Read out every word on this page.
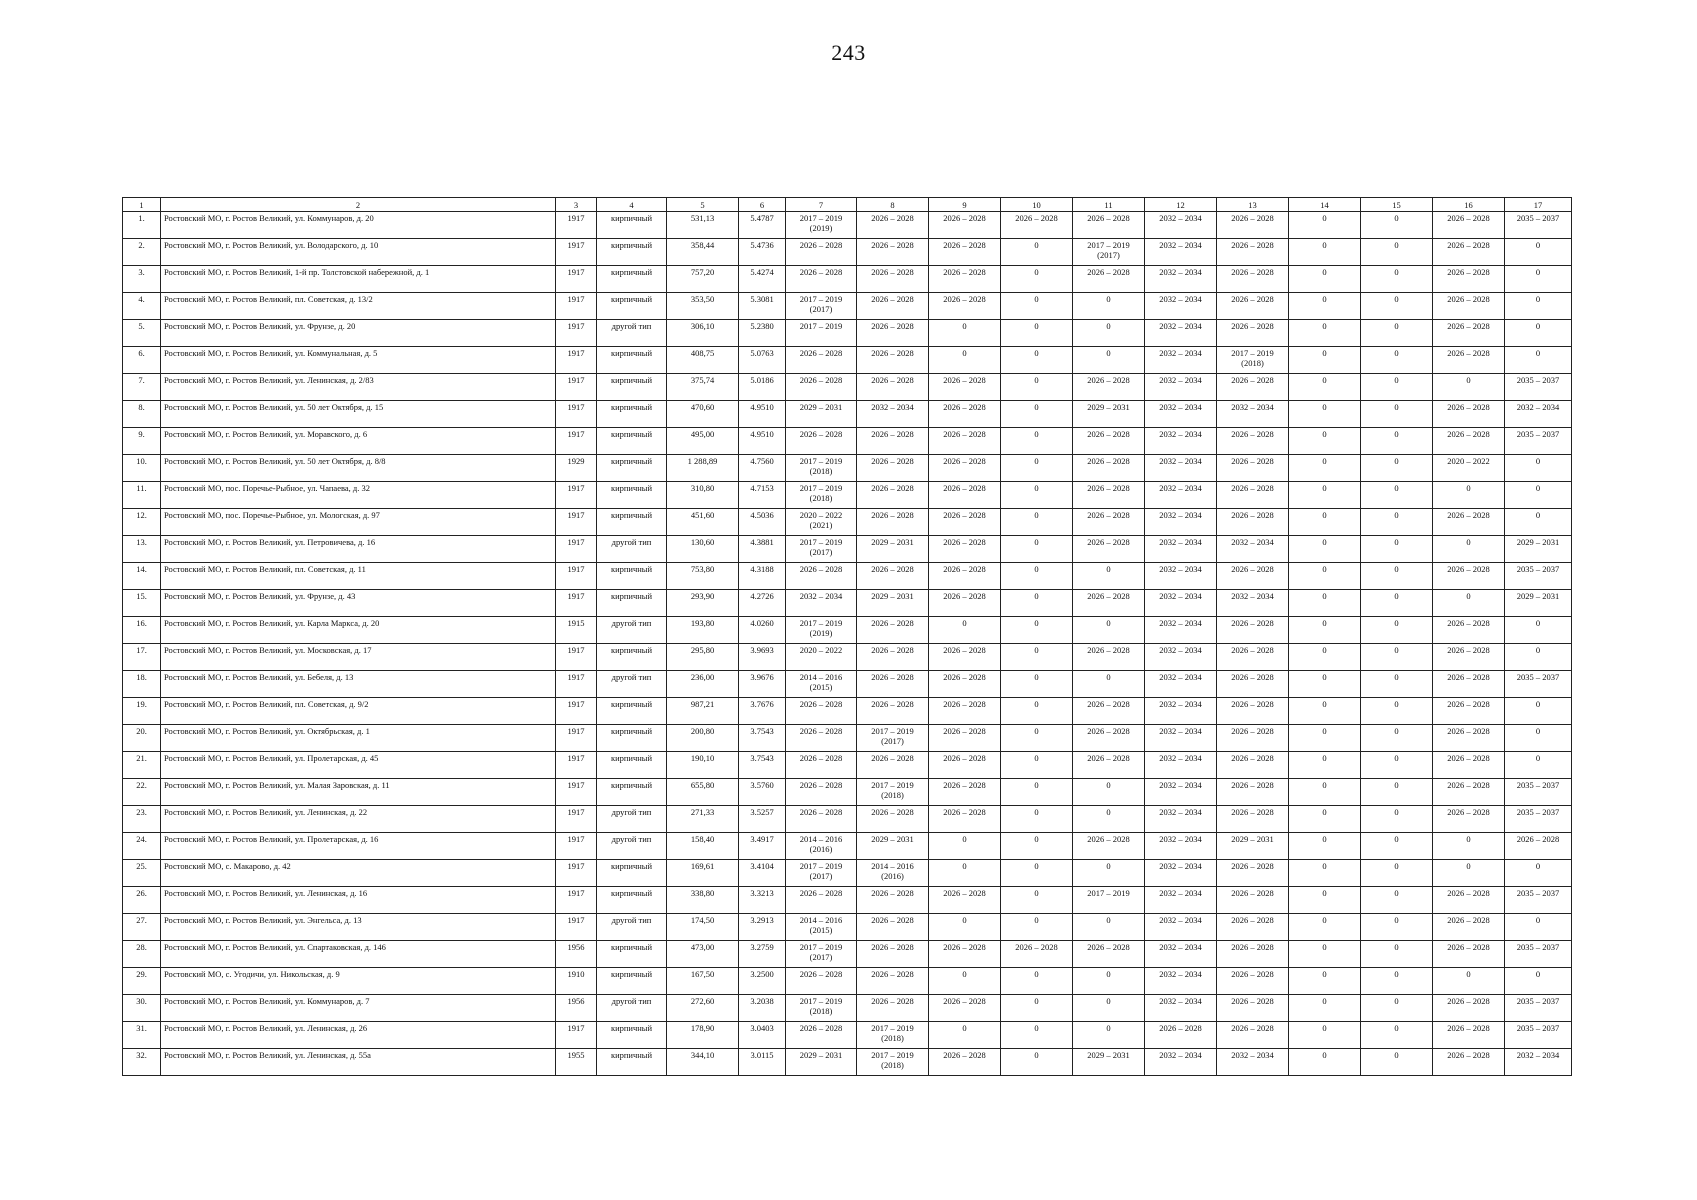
243
1	2	3	4	5	6	7	8	9	10	11	12	13	14	15	16	17
1.	Ростовский МО, г. Ростов Великий, ул. Коммунаров, д. 20	1917	кирпичный	531,13	5.4787	2017 – 2019 (2019)	2026 – 2028	2026 – 2028	2026 – 2028	2026 – 2028	2032 – 2034	2026 – 2028	0	0	2026 – 2028	2035 – 2037
2.	Ростовский МО, г. Ростов Великий, ул. Володарского, д. 10	1917	кирпичный	358,44	5.4736	2026 – 2028	2026 – 2028	2026 – 2028	0	2017 – 2019 (2017)	2032 – 2034	2026 – 2028	0	0	2026 – 2028	0
3.	Ростовский МО, г. Ростов Великий, 1-й пр. Толстовской набережной, д. 1	1917	кирпичный	757,20	5.4274	2026 – 2028	2026 – 2028	2026 – 2028	0	2026 – 2028	2032 – 2034	2026 – 2028	0	0	2026 – 2028	0
4.	Ростовский МО, г. Ростов Великий, пл. Советская, д. 13/2	1917	кирпичный	353,50	5.3081	2017 – 2019 (2017)	2026 – 2028	2026 – 2028	0	0	2032 – 2034	2026 – 2028	0	0	2026 – 2028	0
5.	Ростовский МО, г. Ростов Великий, ул. Фрунзе, д. 20	1917	другой тип	306,10	5.2380	2017 – 2019	2026 – 2028	0	0	0	2032 – 2034	2026 – 2028	0	0	2026 – 2028	0
6.	Ростовский МО, г. Ростов Великий, ул. Коммунальная, д. 5	1917	кирпичный	408,75	5.0763	2026 – 2028	2026 – 2028	0	0	0	2032 – 2034	2017 – 2019 (2018)	0	0	2026 – 2028	0
7.	Ростовский МО, г. Ростов Великий, ул. Ленинская, д. 2/83	1917	кирпичный	375,74	5.0186	2026 – 2028	2026 – 2028	2026 – 2028	0	2026 – 2028	2032 – 2034	2026 – 2028	0	0	0	2035 – 2037
8.	Ростовский МО, г. Ростов Великий, ул. 50 лет Октября, д. 15	1917	кирпичный	470,60	4.9510	2029 – 2031	2032 – 2034	2026 – 2028	0	2029 – 2031	2032 – 2034	2032 – 2034	0	0	2026 – 2028	2032 – 2034
9.	Ростовский МО, г. Ростов Великий, ул. Моравского, д. 6	1917	кирпичный	495,00	4.9510	2026 – 2028	2026 – 2028	2026 – 2028	0	2026 – 2028	2032 – 2034	2026 – 2028	0	0	2026 – 2028	2035 – 2037
10.	Ростовский МО, г. Ростов Великий, ул. 50 лет Октября, д. 8/8	1929	кирпичный	1 288,89	4.7560	2017 – 2019 (2018)	2026 – 2028	2026 – 2028	0	2026 – 2028	2032 – 2034	2026 – 2028	0	0	2020 – 2022	0
11.	Ростовский МО, пос. Поречье-Рыбное, ул. Чапаева, д. 32	1917	кирпичный	310,80	4.7153	2017 – 2019 (2018)	2026 – 2028	2026 – 2028	0	2026 – 2028	2032 – 2034	2026 – 2028	0	0	0	0
12.	Ростовский МО, пос. Поречье-Рыбное, ул. Мологская, д. 97	1917	кирпичный	451,60	4.5036	2020 – 2022 (2021)	2026 – 2028	2026 – 2028	0	2026 – 2028	2032 – 2034	2026 – 2028	0	0	2026 – 2028	0
13.	Ростовский МО, г. Ростов Великий, ул. Петровичева, д. 16	1917	другой тип	130,60	4.3881	2017 – 2019 (2017)	2029 – 2031	2026 – 2028	0	2026 – 2028	2032 – 2034	2032 – 2034	0	0	0	2029 – 2031
14.	Ростовский МО, г. Ростов Великий, пл. Советская, д. 11	1917	кирпичный	753,80	4.3188	2026 – 2028	2026 – 2028	2026 – 2028	0	0	2032 – 2034	2026 – 2028	0	0	2026 – 2028	2035 – 2037
15.	Ростовский МО, г. Ростов Великий, ул. Фрунзе, д. 43	1917	кирпичный	293,90	4.2726	2032 – 2034	2029 – 2031	2026 – 2028	0	2026 – 2028	2032 – 2034	2032 – 2034	0	0	0	2029 – 2031
16.	Ростовский МО, г. Ростов Великий, ул. Карла Маркса, д. 20	1915	другой тип	193,80	4.0260	2017 – 2019 (2019)	2026 – 2028	0	0	0	2032 – 2034	2026 – 2028	0	0	2026 – 2028	0
17.	Ростовский МО, г. Ростов Великий, ул. Московская, д. 17	1917	кирпичный	295,80	3.9693	2020 – 2022	2026 – 2028	2026 – 2028	0	2026 – 2028	2032 – 2034	2026 – 2028	0	0	2026 – 2028	0
18.	Ростовский МО, г. Ростов Великий, ул. Бебеля, д. 13	1917	другой тип	236,00	3.9676	2014 – 2016 (2015)	2026 – 2028	2026 – 2028	0	0	2032 – 2034	2026 – 2028	0	0	2026 – 2028	2035 – 2037
19.	Ростовский МО, г. Ростов Великий, пл. Советская, д. 9/2	1917	кирпичный	987,21	3.7676	2026 – 2028	2026 – 2028	2026 – 2028	0	2026 – 2028	2032 – 2034	2026 – 2028	0	0	2026 – 2028	0
20.	Ростовский МО, г. Ростов Великий, ул. Октябрьская, д. 1	1917	кирпичный	200,80	3.7543	2026 – 2028	2017 – 2019 (2017)	2026 – 2028	0	2026 – 2028	2032 – 2034	2026 – 2028	0	0	2026 – 2028	0
21.	Ростовский МО, г. Ростов Великий, ул. Пролетарская, д. 45	1917	кирпичный	190,10	3.7543	2026 – 2028	2026 – 2028	2026 – 2028	0	2026 – 2028	2032 – 2034	2026 – 2028	0	0	2026 – 2028	0
22.	Ростовский МО, г. Ростов Великий, ул. Малая Заровская, д. 11	1917	кирпичный	655,80	3.5760	2026 – 2028	2017 – 2019 (2018)	2026 – 2028	0	0	2032 – 2034	2026 – 2028	0	0	2026 – 2028	2035 – 2037
23.	Ростовский МО, г. Ростов Великий, ул. Ленинская, д. 22	1917	другой тип	271,33	3.5257	2026 – 2028	2026 – 2028	2026 – 2028	0	0	2032 – 2034	2026 – 2028	0	0	2026 – 2028	2035 – 2037
24.	Ростовский МО, г. Ростов Великий, ул. Пролетарская, д. 16	1917	другой тип	158,40	3.4917	2014 – 2016 (2016)	2029 – 2031	0	0	2026 – 2028	2032 – 2034	2029 – 2031	0	0	0	2026 – 2028
25.	Ростовский МО, с. Макарово, д. 42	1917	кирпичный	169,61	3.4104	2017 – 2019 (2017)	2014 – 2016 (2016)	0	0	0	2032 – 2034	2026 – 2028	0	0	0	0
26.	Ростовский МО, г. Ростов Великий, ул. Ленинская, д. 16	1917	кирпичный	338,80	3.3213	2026 – 2028	2026 – 2028	2026 – 2028	0	2017 – 2019	2032 – 2034	2026 – 2028	0	0	2026 – 2028	2035 – 2037
27.	Ростовский МО, г. Ростов Великий, ул. Энгельса, д. 13	1917	другой тип	174,50	3.2913	2014 – 2016 (2015)	2026 – 2028	0	0	0	2032 – 2034	2026 – 2028	0	0	2026 – 2028	0
28.	Ростовский МО, г. Ростов Великий, ул. Спартаковская, д. 146	1956	кирпичный	473,00	3.2759	2017 – 2019 (2017)	2026 – 2028	2026 – 2028	2026 – 2028	2026 – 2028	2032 – 2034	2026 – 2028	0	0	2026 – 2028	2035 – 2037
29.	Ростовский МО, с. Угодичи, ул. Никольская, д. 9	1910	кирпичный	167,50	3.2500	2026 – 2028	2026 – 2028	0	0	0	2032 – 2034	2026 – 2028	0	0	0	0
30.	Ростовский МО, г. Ростов Великий, ул. Коммунаров, д. 7	1956	другой тип	272,60	3.2038	2017 – 2019 (2018)	2026 – 2028	2026 – 2028	0	0	2032 – 2034	2026 – 2028	0	0	2026 – 2028	2035 – 2037
31.	Ростовский МО, г. Ростов Великий, ул. Ленинская, д. 26	1917	кирпичный	178,90	3.0403	2026 – 2028	2017 – 2019 (2018)	0	0	0	2026 – 2028	2026 – 2028	0	0	2026 – 2028	2035 – 2037
32.	Ростовский МО, г. Ростов Великий, ул. Ленинская, д. 55а	1955	кирпичный	344,10	3.0115	2029 – 2031	2017 – 2019 (2018)	2026 – 2028	0	2029 – 2031	2032 – 2034	2032 – 2034	0	0	2026 – 2028	2032 – 2034
